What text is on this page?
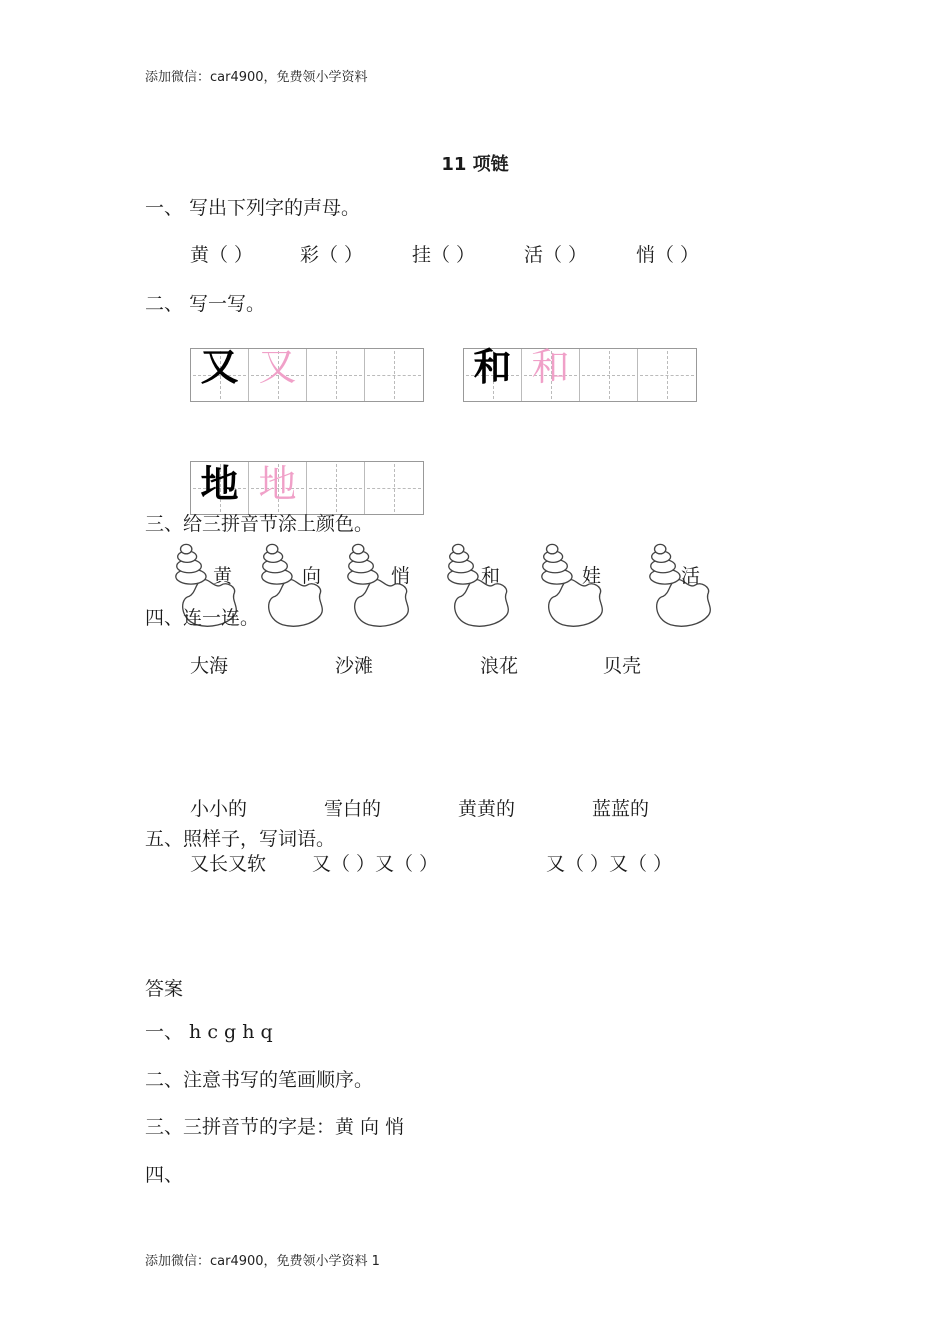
添加微信：car4900，免费领小学资料
11 项链
一、 写出下列字的声母。
黄（ ） 彩（ ）	挂（ ）	活（ ）	悄（ ）
二、 写一写。
又 又	和 和
地 地
三、给三拼音节涂上颜色。
黄	向	悄	和	娃	活
四、连一连。
大海	沙滩	浪花	贝壳
小小的	雪白的	黄黄的	蓝蓝的
五、照样子，写词语。
又长又软 又（ ）又（ ）	又（ ）又（ ）
答案
一、 h c g h q
二、注意书写的笔画顺序。
三、三拼音节的字是：黄 向 悄
四、
添加微信：car4900，免费领小学资料 1
